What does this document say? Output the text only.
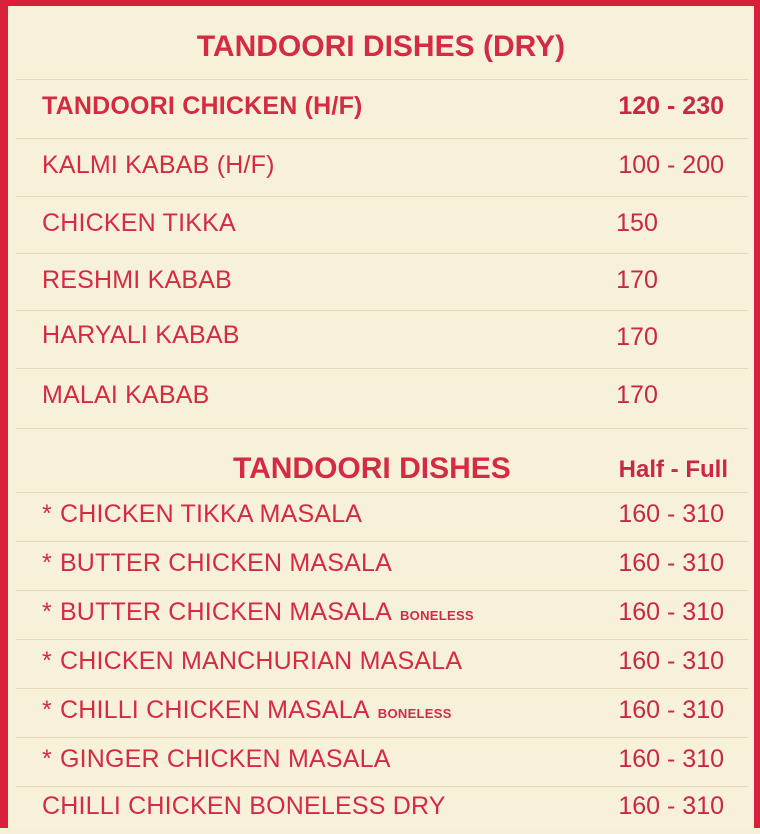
TANDOORI DISHES (DRY)
TANDOORI CHICKEN (H/F)	120 - 230
KALMI KABAB (H/F)	100 - 200
CHICKEN TIKKA	150
RESHMI KABAB	170
HARYALI KABAB	170
MALAI KABAB	170
TANDOORI DISHES	Half - Full
* CHICKEN TIKKA MASALA	160 - 310
* BUTTER CHICKEN MASALA	160 - 310
* BUTTER CHICKEN MASALA BONELESS	160 - 310
* CHICKEN MANCHURIAN MASALA	160 - 310
* CHILLI CHICKEN MASALA BONELESS	160 - 310
* GINGER CHICKEN MASALA	160 - 310
CHILLI CHICKEN BONELESS DRY	160 - 310
